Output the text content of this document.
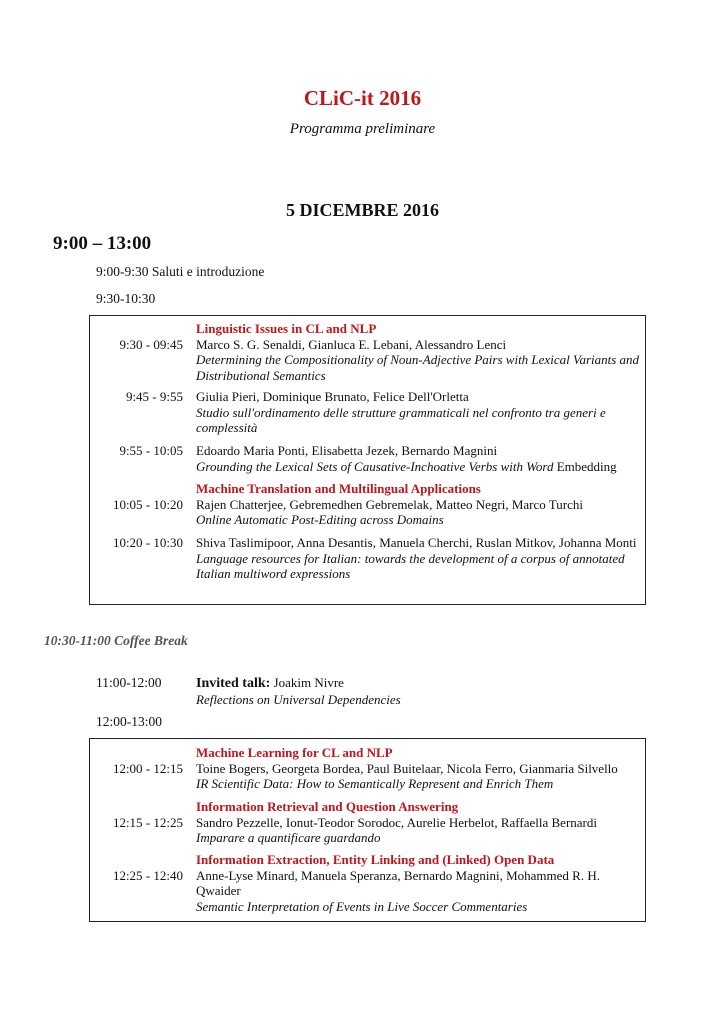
CLiC-it 2016
Programma preliminare
5 DICEMBRE 2016
9:00 – 13:00
9:00-9:30 Saluti e introduzione
9:30-10:30
9:30 - 09:45
Linguistic Issues in CL and NLP
Marco S. G. Senaldi, Gianluca E. Lebani, Alessandro Lenci
Determining the Compositionality of Noun-Adjective Pairs with Lexical Variants and Distributional Semantics
9:45 - 9:55 Giulia Pieri, Dominique Brunato, Felice Dell'Orletta
Studio sull'ordinamento delle strutture grammaticali nel confronto tra generi e complessità
9:55 - 10:05 Edoardo Maria Ponti, Elisabetta Jezek, Bernardo Magnini
Grounding the Lexical Sets of Causative-Inchoative Verbs with Word Embedding
10:05 - 10:20
Machine Translation and Multilingual Applications
Rajen Chatterjee, Gebremedhen Gebremelak, Matteo Negri, Marco Turchi
Online Automatic Post-Editing across Domains
10:20 - 10:30 Shiva Taslimipoor, Anna Desantis, Manuela Cherchi, Ruslan Mitkov, Johanna Monti
Language resources for Italian: towards the development of a corpus of annotated Italian multiword expressions
10:30-11:00 Coffee Break
11:00-12:00 Invited talk: Joakim Nivre
Reflections on Universal Dependencies
12:00-13:00
12:00 - 12:15
Machine Learning for CL and NLP
Toine Bogers, Georgeta Bordea, Paul Buitelaar, Nicola Ferro, Gianmaria Silvello
IR Scientific Data: How to Semantically Represent and Enrich Them
12:15 - 12:25
Information Retrieval and Question Answering
Sandro Pezzelle, Ionut-Teodor Sorodoc, Aurelie Herbelot, Raffaella Bernardi
Imparare a quantificare guardando
12:25 - 12:40
Information Extraction, Entity Linking and (Linked) Open Data
Anne-Lyse Minard, Manuela Speranza, Bernardo Magnini, Mohammed R. H. Qwaider
Semantic Interpretation of Events in Live Soccer Commentaries
